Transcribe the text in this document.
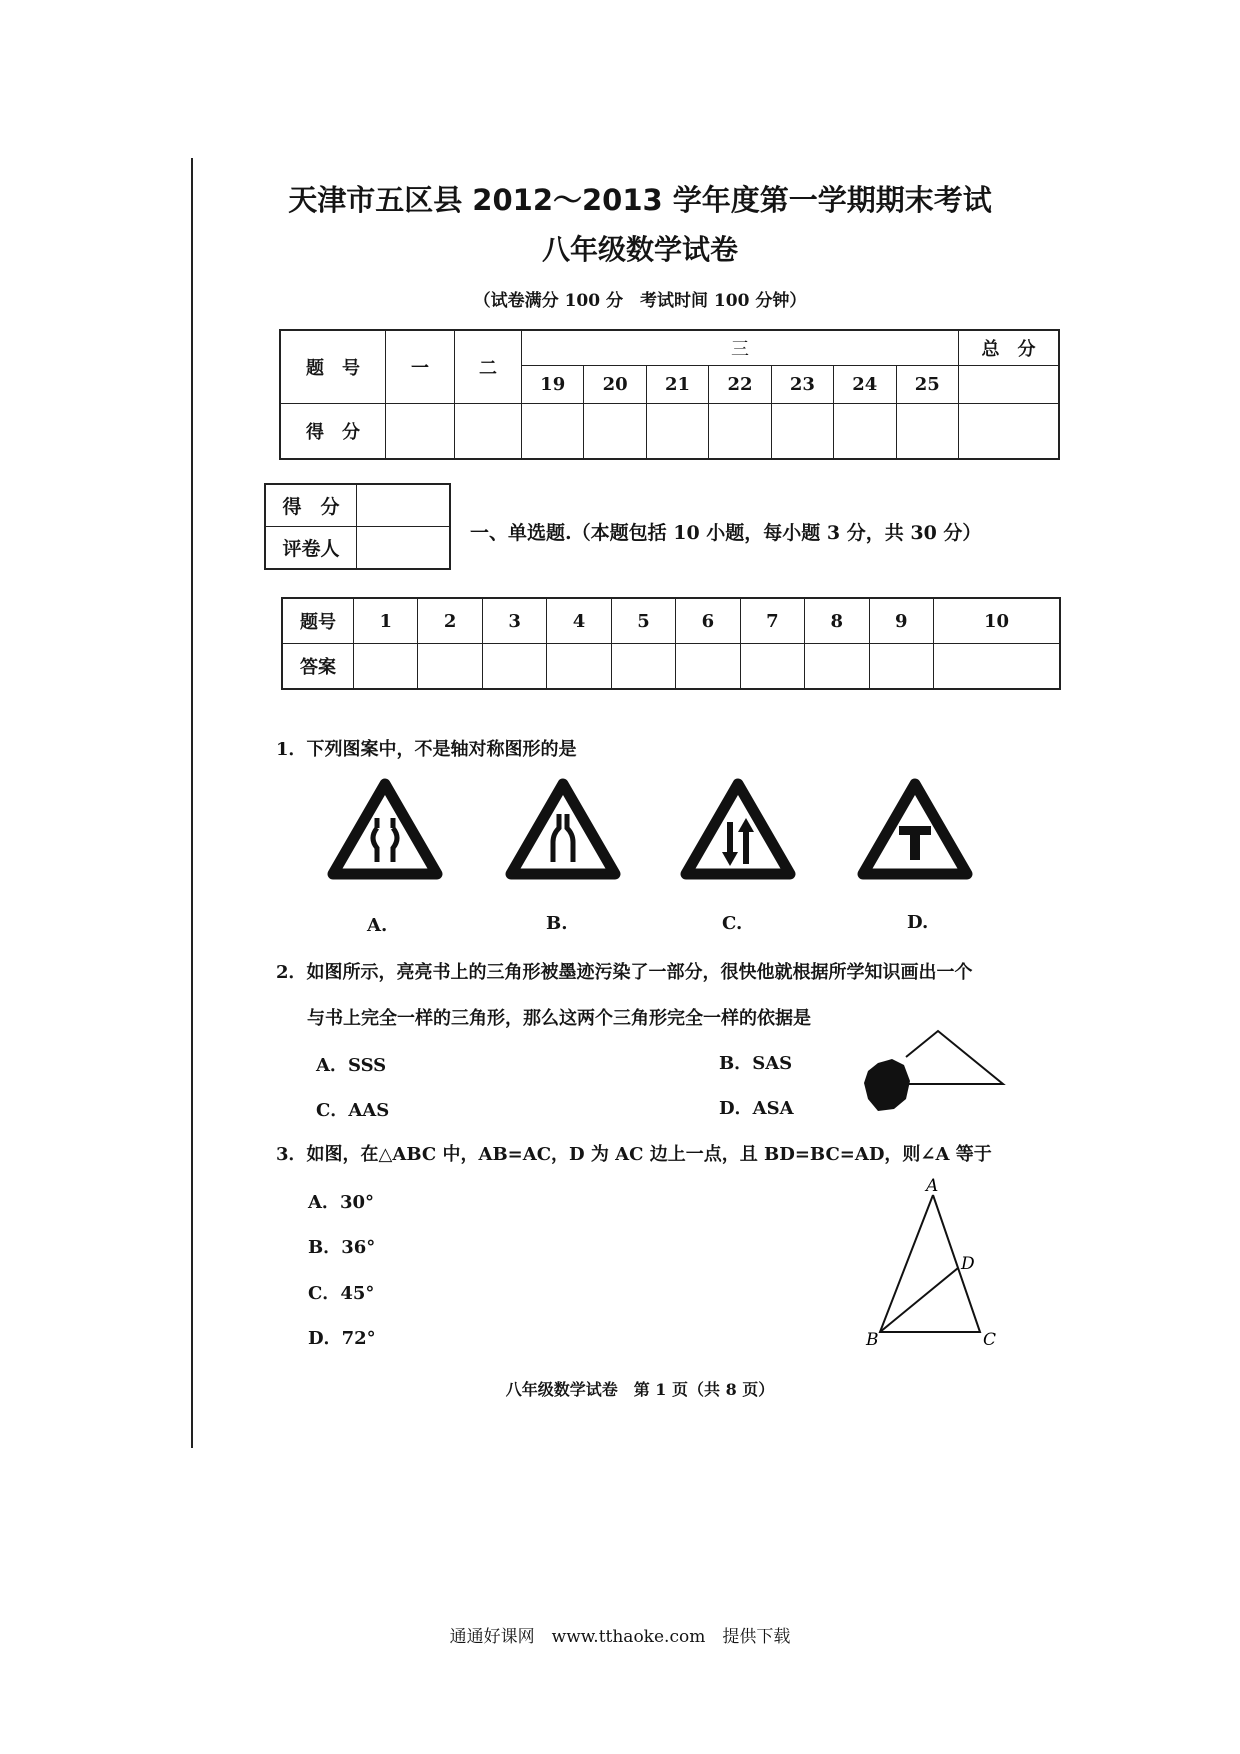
天津市五区县 2012～2013 学年度第一学期期末考试
八年级数学试卷
（试卷满分 100 分　考试时间 100 分钟）
题　号	一	二	三							总　分
			19	20	21	22	23	24	25	
得　分										
得　分	
评卷人	
一、单选题.（本题包括 10 小题，每小题 3 分，共 30 分）
题号	1	2	3	4	5	6	7	8	9	10
答案										
1．下列图案中，不是轴对称图形的是
A.	B.	C.	D.
2．如图所示，亮亮书上的三角形被墨迹污染了一部分，很快他就根据所学知识画出一个
与书上完全一样的三角形，那么这两个三角形完全一样的依据是
A．SSS	B．SAS
C．AAS	D．ASA
3．如图，在△ABC 中，AB=AC，D 为 AC 边上一点，且 BD=BC=AD，则∠A 等于
A．30°
B．36°
C．45°
D．72°
A
D
B	C
八年级数学试卷　第 1 页（共 8 页）
通通好课网　www.tthaoke.com　提供下载
